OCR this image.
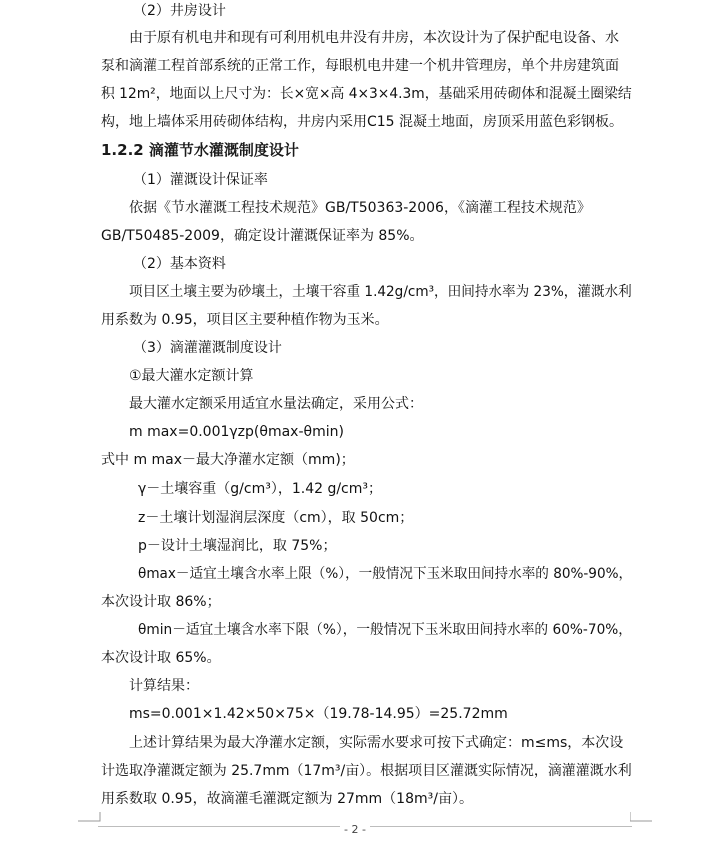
（2）井房设计
由于原有机电井和现有可利用机电井没有井房，本次设计为了保护配电设备、水
泵和滴灌工程首部系统的正常工作，每眼机电井建一个机井管理房，单个井房建筑面
积 12m²，地面以上尺寸为：长×宽×高 4×3×4.3m，基础采用砖砌体和混凝土圈梁结
构，地上墙体采用砖砌体结构，井房内采用C15 混凝土地面，房顶采用蓝色彩钢板。
1.2.2 滴灌节水灌溉制度设计
（1）灌溉设计保证率
依据《节水灌溉工程技术规范》GB/T50363-2006，《滴灌工程技术规范》
GB/T50485-2009，确定设计灌溉保证率为 85%。
（2）基本资料
项目区土壤主要为砂壤土，土壤干容重 1.42g/cm³，田间持水率为 23%，灌溉水利
用系数为 0.95，项目区主要种植作物为玉米。
（3）滴灌灌溉制度设计
①最大灌水定额计算
最大灌水定额采用适宜水量法确定，采用公式：
m max=0.001γzp(θmax-θmin)
式中 m max－最大净灌水定额（mm)；
γ－土壤容重（g/cm³），1.42 g/cm³；
z－土壤计划湿润层深度（cm），取 50cm；
p－设计土壤湿润比，取 75%；
θmax－适宜土壤含水率上限（%），一般情况下玉米取田间持水率的 80%-90%，
本次设计取 86%；
θmin－适宜土壤含水率下限（%），一般情况下玉米取田间持水率的 60%-70%，
本次设计取 65%。
计算结果：
ms=0.001×1.42×50×75×（19.78-14.95）=25.72mm
上述计算结果为最大净灌水定额，实际需水要求可按下式确定：m≤ms，本次设
计选取净灌溉定额为 25.7mm（17m³/亩）。根据项目区灌溉实际情况，滴灌灌溉水利
用系数取 0.95，故滴灌毛灌溉定额为 27mm（18m³/亩）。
- 2 -
